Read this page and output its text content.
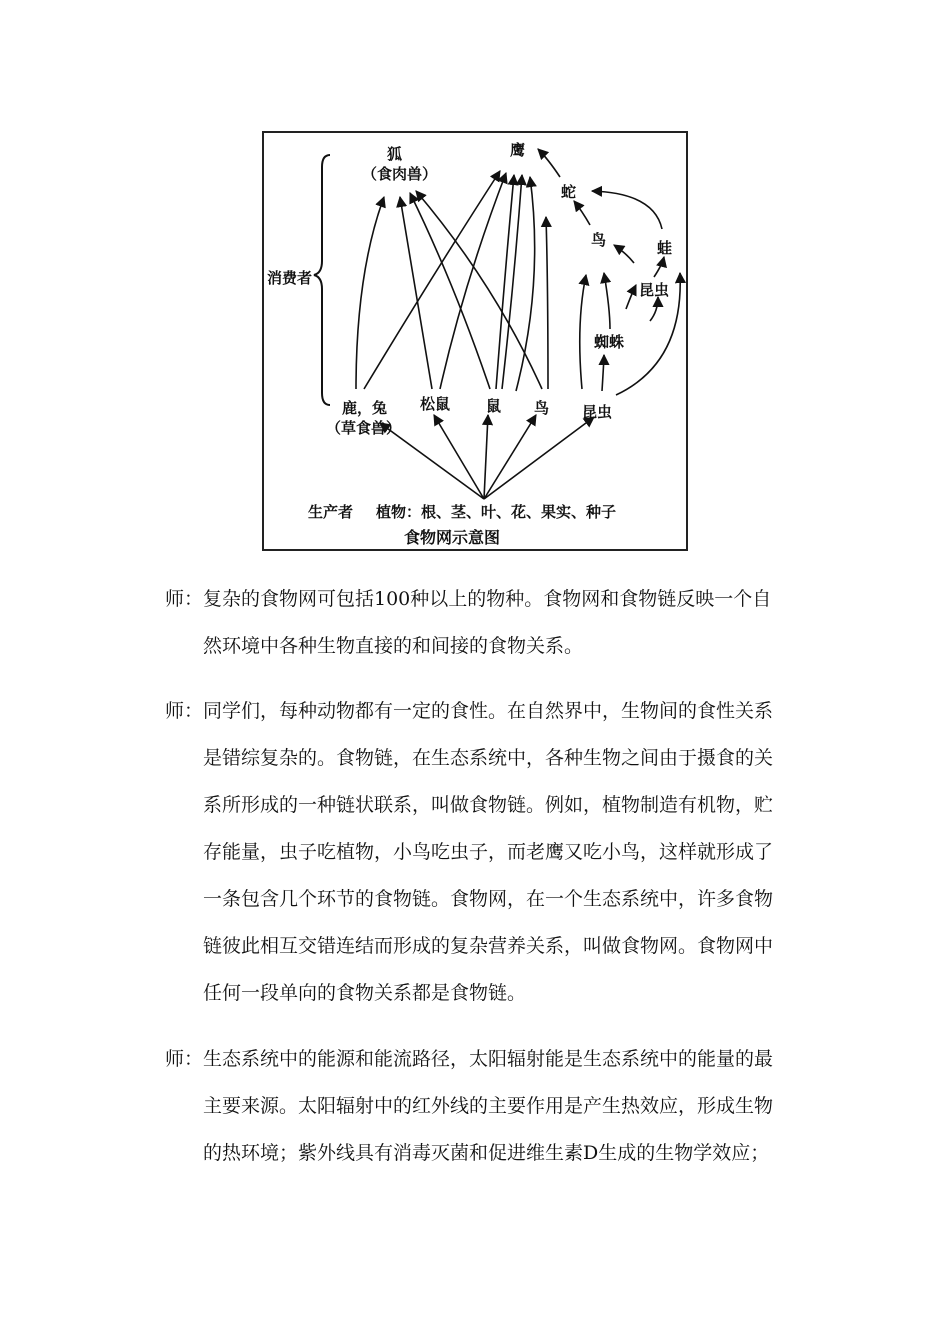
狐
（食肉兽）
鹰
蛇
鸟	蛙
昆虫
蜘蛛
消费者
鹿，兔
（草食兽）
松鼠 鼠 鸟 昆虫
生产者 植物：根、茎、叶、花、果实、种子
食物网示意图
师：复杂的食物网可包括100种以上的物种。食物网和食物链反映一个自
然环境中各种生物直接的和间接的食物关系。
师：同学们，每种动物都有一定的食性。在自然界中，生物间的食性关系
是错综复杂的。食物链，在生态系统中，各种生物之间由于摄食的关
系所形成的一种链状联系，叫做食物链。例如，植物制造有机物，贮
存能量，虫子吃植物，小鸟吃虫子，而老鹰又吃小鸟，这样就形成了
一条包含几个环节的食物链。食物网，在一个生态系统中，许多食物
链彼此相互交错连结而形成的复杂营养关系，叫做食物网。食物网中
任何一段单向的食物关系都是食物链。
师：生态系统中的能源和能流路径，太阳辐射能是生态系统中的能量的最
主要来源。太阳辐射中的红外线的主要作用是产生热效应，形成生物
的热环境；紫外线具有消毒灭菌和促进维生素D生成的生物学效应；
